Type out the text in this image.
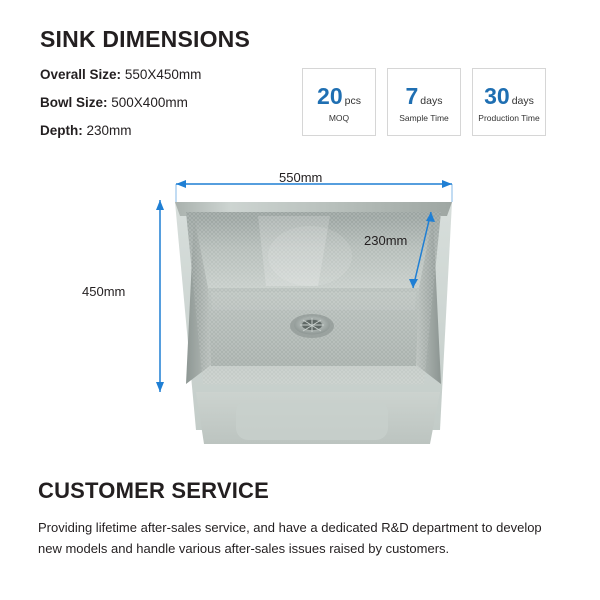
SINK DIMENSIONS
Overall Size: 550X450mm
Bowl Size: 500X400mm
Depth: 230mm
20 pcs
MOQ
7 days
Sample Time
30 days
Production Time
550mm
450mm
230mm
CUSTOMER SERVICE

Providing lifetime after-sales service, and have a dedicated R&D department to develop new models and handle various after-sales issues raised by customers.
